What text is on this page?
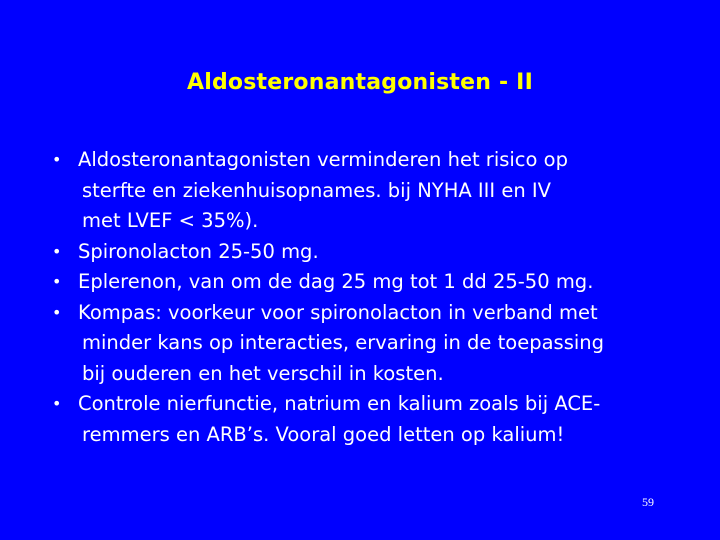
Aldosteronantagonisten - II
• Aldosteronantagonisten verminderen het risico op
sterfte en ziekenhuisopnames. bij NYHA III en IV
met LVEF < 35%).
• Spironolacton 25-50 mg.
• Eplerenon, van om de dag 25 mg tot 1 dd 25-50 mg.
• Kompas: voorkeur voor spironolacton in verband met
minder kans op interacties, ervaring in de toepassing
bij ouderen en het verschil in kosten.
• Controle nierfunctie, natrium en kalium zoals bij ACE-
remmers en ARB’s. Vooral goed letten op kalium!
59
